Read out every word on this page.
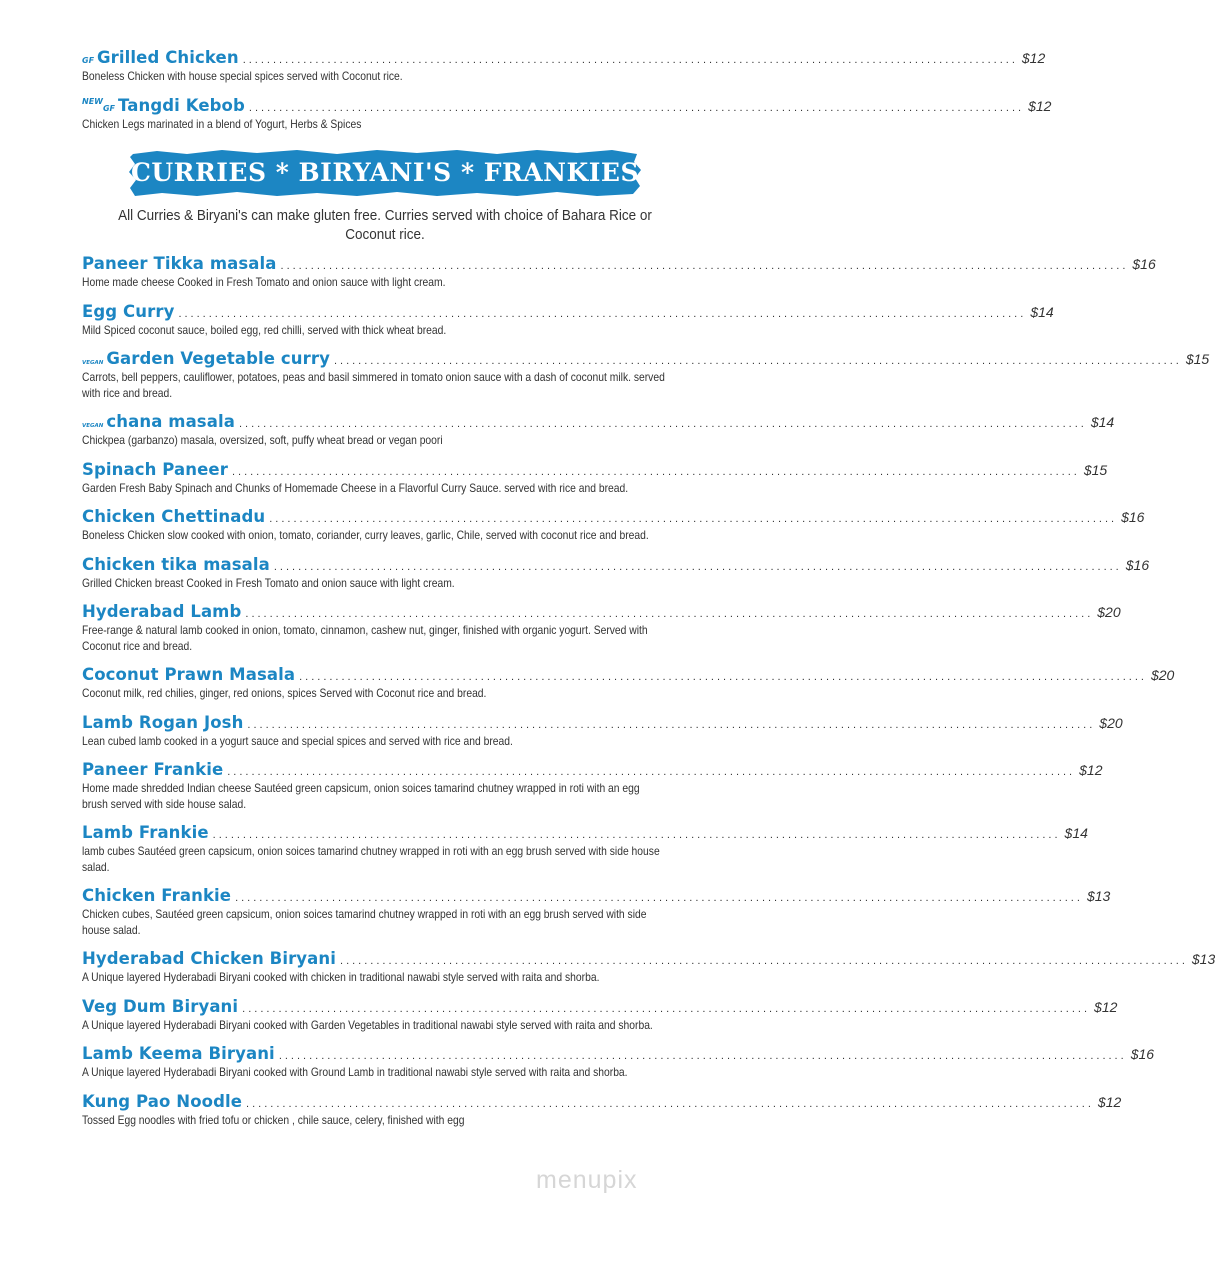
GF Grilled Chicken ................................................................................................................................ $12
Boneless Chicken with house special spices served with Coconut rice.
NEW
GF Tangdi Kebob ................................................................................................................................ $12
Chicken Legs marinated in a blend of Yogurt, Herbs & Spices
CURRIES * BIRYANI'S * FRANKIES
All Curries & Biryani's can make gluten free. Curries served with choice of Bahara Rice or Coconut rice.
Paneer Tikka masala ............................................................................................................................................ $16
Home made cheese Cooked in Fresh Tomato and onion sauce with light cream.
Egg Curry ............................................................................................................................................ $14
Mild Spiced coconut sauce, boiled egg, red chilli, served with thick wheat bread.
VEGAN Garden Vegetable curry ............................................................................................................................................ $15
Carrots, bell peppers, cauliflower, potatoes, peas and basil simmered in tomato onion sauce with a dash of coconut milk. served with rice and bread.
VEGAN chana masala ............................................................................................................................................ $14
Chickpea (garbanzo) masala, oversized, soft, puffy wheat bread or vegan poori
Spinach Paneer ............................................................................................................................................ $15
Garden Fresh Baby Spinach and Chunks of Homemade Cheese in a Flavorful Curry Sauce. served with rice and bread.
Chicken Chettinadu ............................................................................................................................................ $16
Boneless Chicken slow cooked with onion, tomato, coriander, curry leaves, garlic, Chile, served with coconut rice and bread.
Chicken tika masala ............................................................................................................................................ $16
Grilled Chicken breast Cooked in Fresh Tomato and onion sauce with light cream.
Hyderabad Lamb ............................................................................................................................................ $20
Free-range & natural lamb cooked in onion, tomato, cinnamon, cashew nut, ginger, finished with organic yogurt. Served with Coconut rice and bread.
Coconut Prawn Masala ............................................................................................................................................ $20
Coconut milk, red chilies, ginger, red onions, spices Served with Coconut rice and bread.
Lamb Rogan Josh ............................................................................................................................................ $20
Lean cubed lamb cooked in a yogurt sauce and special spices and served with rice and bread.
Paneer Frankie ............................................................................................................................................ $12
Home made shredded Indian cheese Sautéed green capsicum, onion soices tamarind chutney wrapped in roti with an egg brush served with side house salad.
Lamb Frankie ............................................................................................................................................ $14
lamb cubes Sautéed green capsicum, onion soices tamarind chutney wrapped in roti with an egg brush served with side house salad.
Chicken Frankie ............................................................................................................................................ $13
Chicken cubes, Sautéed green capsicum, onion soices tamarind chutney wrapped in roti with an egg brush served with side house salad.
Hyderabad Chicken Biryani ............................................................................................................................................ $13
A Unique layered Hyderabadi Biryani cooked with chicken in traditional nawabi style served with raita and shorba.
Veg Dum Biryani ............................................................................................................................................ $12
A Unique layered Hyderabadi Biryani cooked with Garden Vegetables in traditional nawabi style served with raita and shorba.
Lamb Keema Biryani ............................................................................................................................................ $16
A Unique layered Hyderabadi Biryani cooked with Ground Lamb in traditional nawabi style served with raita and shorba.
Kung Pao Noodle ............................................................................................................................................ $12
Tossed Egg noodles with fried tofu or chicken , chile sauce, celery, finished with egg
menupix
